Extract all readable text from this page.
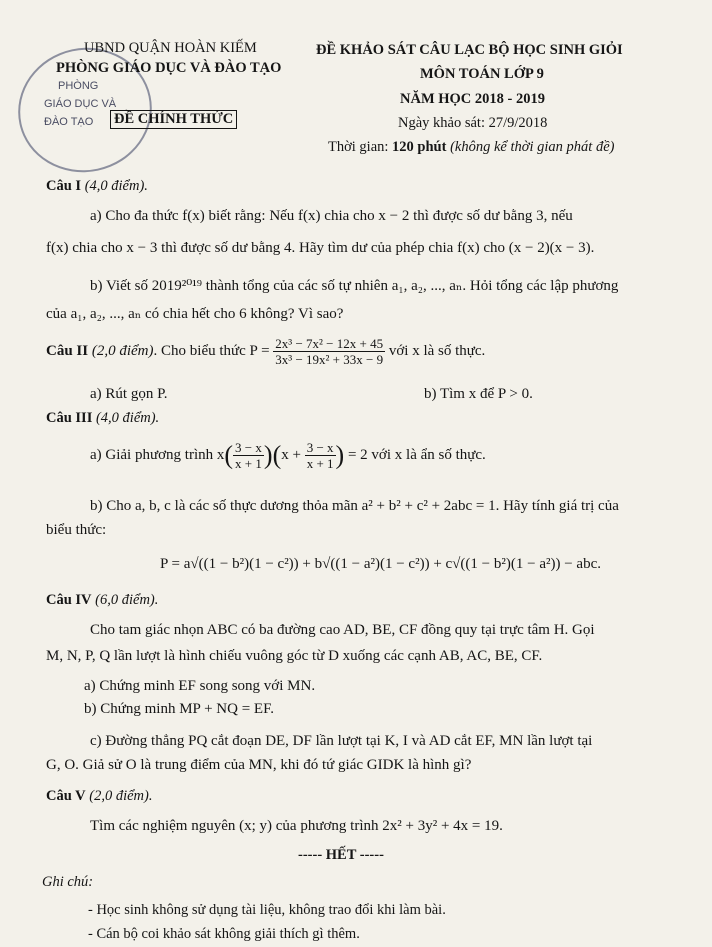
PHÒNG
GIÁO DỤC VÀ
ĐÀO TẠO
UBND QUẬN HOÀN KIẾM
PHÒNG GIÁO DỤC VÀ ĐÀO TẠO
ĐỀ CHÍNH THỨC
ĐỀ KHẢO SÁT CÂU LẠC BỘ HỌC SINH GIỎI
MÔN TOÁN LỚP 9
NĂM HỌC 2018 - 2019
Ngày khảo sát: 27/9/2018
Thời gian: 120 phút (không kể thời gian phát đề)
Câu I (4,0 điểm).
a) Cho đa thức f(x) biết rằng: Nếu f(x) chia cho x − 2 thì được số dư bằng 3, nếu
f(x) chia cho x − 3 thì được số dư bằng 4. Hãy tìm dư của phép chia f(x) cho (x − 2)(x − 3).
b) Viết số 2019²⁰¹⁹ thành tổng của các số tự nhiên a₁, a₂, ..., aₙ. Hỏi tổng các lập phương
của a₁, a₂, ..., aₙ có chia hết cho 6 không? Vì sao?
Câu II (2,0 điểm). Cho biểu thức $P = \frac{\text{2x³ − 7x² − 12x + 45}}{\text{3x³ − 19x² + 33x − 9}}$ với x là số thực.
a) Rút gọn P.	b) Tìm x để P > 0.
Câu III (4,0 điểm).
a) Giải phương trình $x( \frac{3 - x}{x + 1} )(x + \frac{3 - x}{x + 1}$ ) = 2 với x là ẩn số thực.
b) Cho a, b, c là các số thực dương thỏa mãn a² + b² + c² + 2abc = 1. Hãy tính giá trị của
biểu thức:
P = a√((1 − b²)(1 − c²)) + b√((1 − a²)(1 − c²)) + c√((1 − b²)(1 − a²)) − abc.
Câu IV (6,0 điểm).
Cho tam giác nhọn ABC có ba đường cao AD, BE, CF đồng quy tại trực tâm H. Gọi
M, N, P, Q lần lượt là hình chiếu vuông góc từ D xuống các cạnh AB, AC, BE, CF.
a) Chứng minh EF song song với MN.
b) Chứng minh MP + NQ = EF.
c) Đường thẳng PQ cắt đoạn DE, DF lần lượt tại K, I và AD cắt EF, MN lần lượt tại
G, O. Giả sử O là trung điểm của MN, khi đó tứ giác GIDK là hình gì?
Câu V (2,0 điểm).
Tìm các nghiệm nguyên (x; y) của phương trình 2x² + 3y² + 4x = 19.
----- HẾT -----
Ghi chú:
- Học sinh không sử dụng tài liệu, không trao đổi khi làm bài.
- Cán bộ coi khảo sát không giải thích gì thêm.
